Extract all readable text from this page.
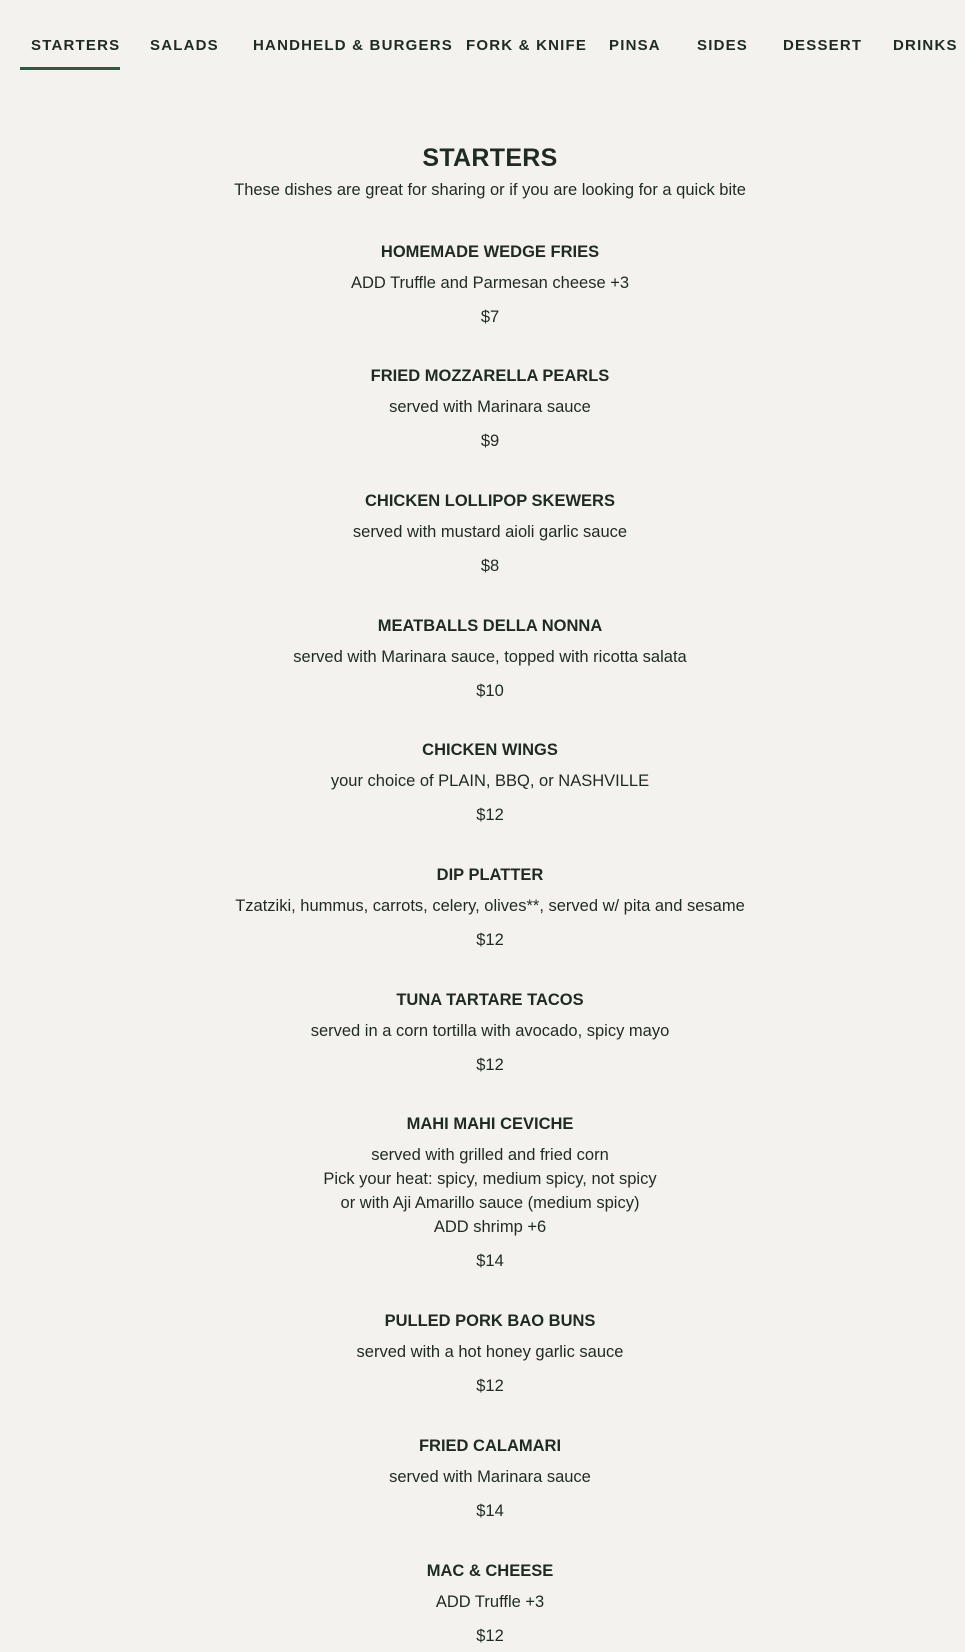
STARTERS SALADS HANDHELD & BURGERS FORK & KNIFE PINSA SIDES DESSERT DRINKS
STARTERS

These dishes are great for sharing or if you are looking for a quick bite

HOMEMADE WEDGE FRIES
ADD Truffle and Parmesan cheese +3
$7
FRIED MOZZARELLA PEARLS
served with Marinara sauce
$9
CHICKEN LOLLIPOP SKEWERS
served with mustard aioli garlic sauce
$8
MEATBALLS DELLA NONNA
served with Marinara sauce, topped with ricotta salata
$10
CHICKEN WINGS
your choice of PLAIN, BBQ, or NASHVILLE
$12
DIP PLATTER
Tzatziki, hummus, carrots, celery, olives**, served w/ pita and sesame
$12
TUNA TARTARE TACOS
served in a corn tortilla with avocado, spicy mayo
$12
MAHI MAHI CEVICHE
served with grilled and fried corn
Pick your heat: spicy, medium spicy, not spicy
or with Aji Amarillo sauce (medium spicy)
ADD shrimp +6
$14
PULLED PORK BAO BUNS
served with a hot honey garlic sauce
$12
FRIED CALAMARI
served with Marinara sauce
$14
MAC & CHEESE
ADD Truffle +3
$12
